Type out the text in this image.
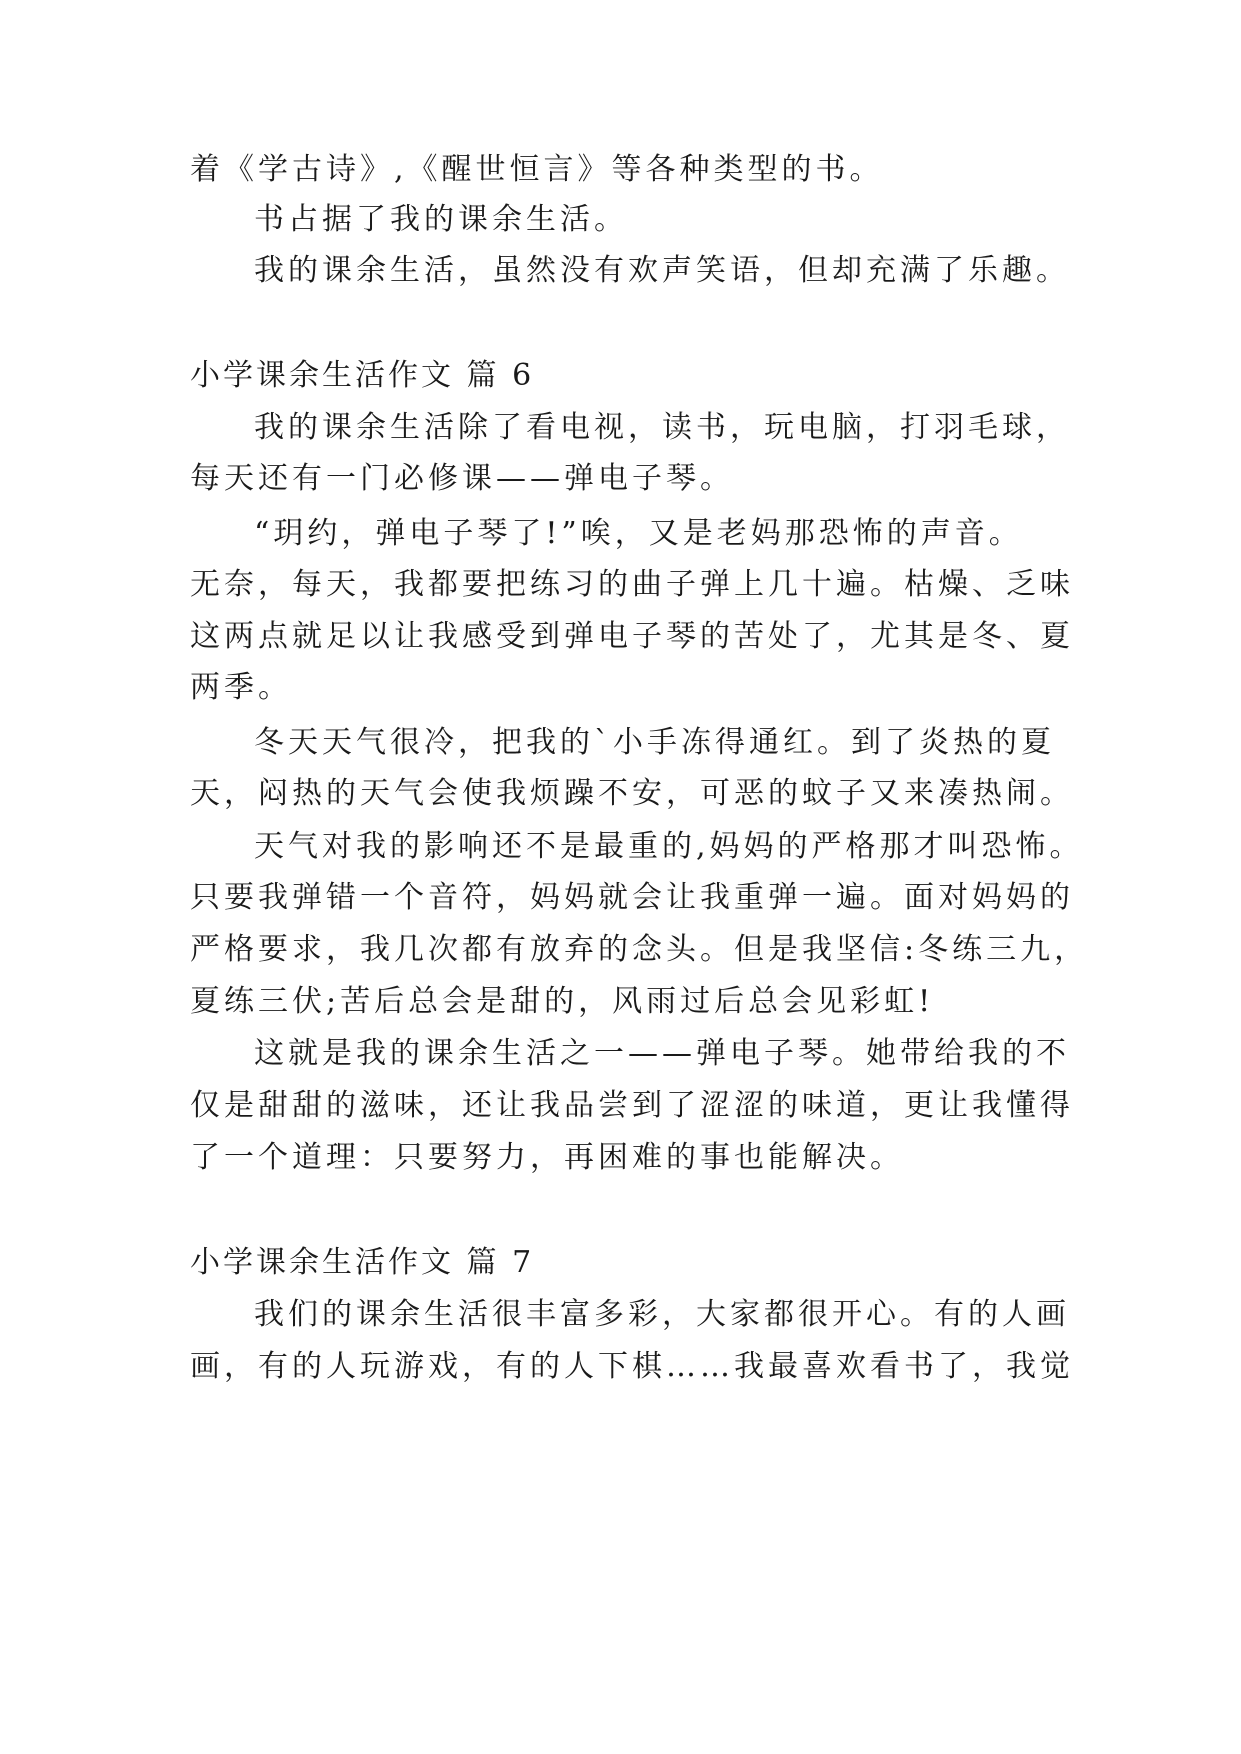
着《学古诗》,《醒世恒言》等各种类型的书。
书占据了我的课余生活。
我的课余生活，虽然没有欢声笑语，但却充满了乐趣。
小学课余生活作文 篇 6
我的课余生活除了看电视，读书，玩电脑，打羽毛球，
每天还有一门必修课——弹电子琴。
“玥约，弹电子琴了!”唉，又是老妈那恐怖的声音。
无奈，每天，我都要把练习的曲子弹上几十遍。枯燥、乏味
这两点就足以让我感受到弹电子琴的苦处了，尤其是冬、夏
两季。
冬天天气很冷，把我的`小手冻得通红。到了炎热的夏
天，闷热的天气会使我烦躁不安，可恶的蚊子又来凑热闹。
天气对我的影响还不是最重的,妈妈的严格那才叫恐怖。
只要我弹错一个音符，妈妈就会让我重弹一遍。面对妈妈的
严格要求，我几次都有放弃的念头。但是我坚信:冬练三九，
夏练三伏;苦后总会是甜的，风雨过后总会见彩虹!
这就是我的课余生活之一——弹电子琴。她带给我的不
仅是甜甜的滋味，还让我品尝到了涩涩的味道，更让我懂得
了一个道理：只要努力，再困难的事也能解决。
小学课余生活作文 篇 7
我们的课余生活很丰富多彩，大家都很开心。有的人画
画，有的人玩游戏，有的人下棋……我最喜欢看书了，我觉
